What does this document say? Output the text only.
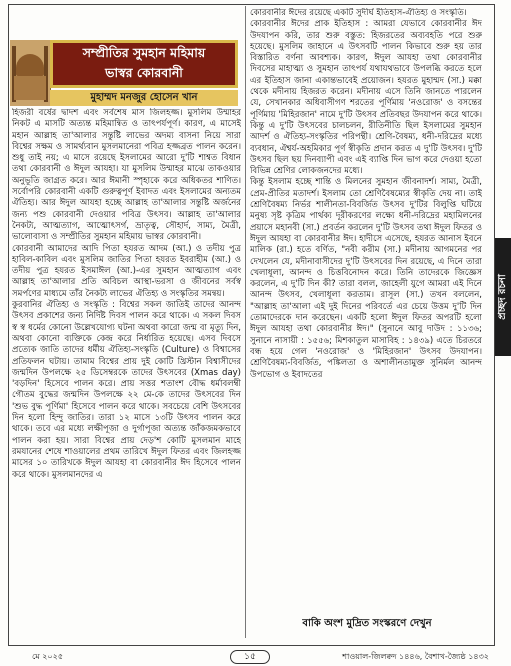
সম্প্রীতির সুমহান মহিমায়
ভাস্বর কোরবানী
মুহাম্মদ মনজুর হোসেন খান

হিজরী বর্ষের দ্বাদশ এবং সর্বশেষ মাস জিলহজ্জ। মুসলিম উম্মাহর নিকট এ মাসটি অত্যন্ত মহিমান্বিত ও তাৎপর্যপূর্ণ। কারণ, এ মাসেই মহান আল্লাহ তা'আলার সন্তুষ্টি লাভের অদম্য বাসনা নিয়ে সারা বিশ্বের সক্ষম ও সামর্থ্যবান মুসলমানেরা পবিত্র হজ্জব্রত পালন করেন। শুধু তাই নয়; এ মাসে রয়েছে ইসলামের আরো দু'টি শাশ্বত বিধান তথা কোরবানী ও ঈদুল আযহা। যা মুসলিম উম্মাহর মাঝে তাকওয়ার অনুভূতি জাগ্রত করে। আর ঈমানী স্পৃহাকে করে অধিকতর শাণিত। সর্বোপরি কোরবানী একটি গুরুত্বপূর্ণ ইবাদত এবং ইসলামের অন্যতম ঐতিহ্য। আর ঈদুল আযহা হচ্ছে আল্লাহ তা'আলার সন্তুষ্টি অর্জনের জন্য পশু কোরবানী দেওয়ার পবিত্র উৎসব। আল্লাহ তা'আলার নৈকট্য, আত্মত্যাগ, আত্মোৎসর্গ, ভ্রাতৃত্ব, সৌহার্দ, সাম্য, মৈত্রী, ভালোবাসা ও সম্প্রীতির সুমহান মহিমায় ভাস্বর কোরবানী।

কোরবানী আমাদের আদি পিতা হযরত আদম (আ.) ও তদীয় পুত্র হাবিল-কাবিল এবং মুসলিম জাতির পিতা হযরত ইবরাহীম (আ.) ও তদীয় পুত্র হযরত ইসমাঈল (আ.)-এর সুমহান আত্মত্যাগ এবং আল্লাহ তা'আলার প্রতি অবিচল আস্থা-ভরসা ও জীবনের সর্বস্ব সমর্পণের মাধ্যমে তাঁর নৈকট্য লাভের ঐতিহ্য ও সংস্কৃতির সমন্বয়।

কুরবানির ঐতিহ্য ও সংস্কৃতি : বিশ্বের সকল জাতিই তাদের আনন্দ উৎসব প্রকাশের জন্য নির্দিষ্ট দিবস পালন করে থাকে। এ সকল দিবস স্ব স্ব ধর্মের কোনো উল্লেখযোগ্য ঘটনা অথবা কারো জন্ম বা মৃত্যু দিন, অথবা কোনো ব্যক্তিকে কেন্দ্র করে নির্ধারিত হয়েছে। এসব দিবসে প্রত্যেক জাতি তাদের ধর্মীয় ঐতিহ্য-সংস্কৃতি (Culture) ও বিশ্বাসের প্রতিফলন ঘটায়। তামাম বিশ্বের প্রায় দুই কোটি খ্রিস্টান বিশ্বাসীদের জন্মদিন উপলক্ষে ২৫ ডিসেম্বরকে তাদের উৎসবের (Xmas day) 'বড়দিন' হিসেবে পালন করে। প্রায় সত্তর শতাংশ বৌদ্ধ ধর্মাবলম্বী গৌতম বুদ্ধের জন্মদিন উপলক্ষে ২২ মে-কে তাদের উৎসবের দিন 'শুভ বুদ্ধ পূর্ণিমা' হিসেবে পালন করে থাকে। সবচেয়ে বেশি উৎসবের দিন হলো হিন্দু জাতির। তারা ১২ মাসে ১৩টি উৎসব পালন করে থাকে। তবে এর মধ্যে লক্ষীপূজা ও দুর্গাপূজা অত্যন্ত জাঁকজমকভাবে পালন করা হয়। সারা বিশ্বের প্রায় দেড়'শ কোটি মুসলমান মাহে রমযানের শেষে শাওয়ালের প্রথম তারিখে ঈদুল ফিতর এবং জিলহজ্জ মাসের ১০ তারিখকে ঈদুল আযহা বা কোরবানীর ঈদ হিসেবে পালন করে থাকে। মুসলমানদের এ

কোরবানীর ঈদের রয়েছে একটি সুদীর্ঘ ইতিহাস-ঐতিহ্য ও সংস্কৃতি।

কোরবানীর ঈদের প্রাক ইতিহাস : আমরা যেভাবে কোরবানীর ঈদ উদযাপন করি, তার শুরু বস্তুত: হিজরতের অব্যবহতি পরে শুরু হয়েছে। মুসলিম জাহানে এ উৎসবটি পালন কিভাবে শুরু হয় তার বিস্তারিত বর্ণনা আবশ্যক। কারণ, ঈদুল আযহা তথা কোরবানীর দিবসের মাহাত্ম্য ও সুমহান তাৎপর্য যথাযথভাবে উপলব্ধি করতে হলে এর ইতিহাস জানা একান্তভাবেই প্রয়োজন। হযরত মুহাম্মদ (সা.) মক্কা থেকে মদীনায় হিজরত করেন। মদীনায় এসে তিনি জানতে পারলেন যে, সেখানকার অধিবাসীগণ শরতের পূর্ণিমায় 'নওরোজ' ও বসন্তের পূর্ণিমায় 'মিহিরজান' নামে দু'টি উৎসব প্রতিবছর উদযাপন করে থাকে। কিন্তু এ দু'টি উৎসবের চালচলন, রীতিনীতি ছিল ইসলামের সুমহান আদর্শ ও ঐতিহ্য-সংস্কৃতির পরিপন্থী। শ্রেণি-বৈষম্য, ধনী-দরিদ্রের মধ্যে ব্যবধান, ঐশ্বর্য-অহমিকার পূর্ণ স্বীকৃতি প্রদান করত এ দু'টি উৎসব। দু'টি উৎসব ছিল ছয় দিনব্যাপী এবং এই ব্যাপ্তি দিন ভাগ করে দেওয়া হতো বিভিন্ন শ্রেণির লোকজনদের মধ্যে।

কিন্তু ইসলাম হচ্ছে শান্তি ও মিলনের সুমহান জীবনাদর্শ। সাম্য, মৈত্রী, প্রেম-প্রীতির মতাদর্শ। ইসলাম তো শ্রেণিবৈষম্যের স্বীকৃতি দেয় না। তাই শ্রেণিবৈষম্য নির্ভর শালীনতা-বিবর্জিত উৎসব দু'টির বিলুপ্তি ঘটিয়ে মনুষ্য সৃষ্ট কৃত্রিম পার্থক্য দূরীকরণের লক্ষ্যে ধনী-দরিদ্রের মহামিলনের প্রয়াসে মহানবী (সা.) প্রবর্তন করলেন দু'টি উৎসব তথা ঈদুল ফিতর ও ঈদুল আযহা বা কোরবানীর ঈদ। হাদীসে এসেছে, হযরত আনাস ইবনে মালিক (রা.) হতে বর্ণিত, "নবী করীম (সা.) মদীনায় আগমনের পর দেখলেন যে, মদীনাবাসীদের দু'টি উৎসবের দিন রয়েছে, এ দিনে তারা খেলাধূলা, আনন্দ ও চিত্তবিনোদন করে। তিনি তাদেরকে জিজ্ঞেস করলেন, এ দু'টি দিন কী? তারা বলল, জাহেলী যুগে আমরা এই দিনে আনন্দ উৎসব, খেলাধূলা করতাম। রাসূল (সা.) তখন বললেন, "আল্লাহ তা'আলা এই দুই দিনের পরিবর্তে এর চেয়ে উত্তম দু'টি দিন তোমাদেরকে দান করেছেন। একটি হলো ঈদুল ফিতর অপরটি হলো ঈদুল আযহা তথা কোরবানীর ঈদ।" (সুনানে আবু দাউদ : ১১৩৬; সুনানে নাসায়ী : ১৫৫৬; মিশকাতুল মাসাবিহ : ১৪৩৯) এতে চিরতরে বন্ধ হয়ে গেল 'নওরোজ' ও 'মিহিরজান' উৎসব উদযাপন। শ্রেণিবৈষম্য-বিবর্জিত, পঙ্কিলতা ও অশালীনতামুক্ত সুনির্মল আনন্দ উপভোগ ও ইবাদতের

বাকি অংশ মুদ্রিত সংস্করণে দেখুন
প্রচ্ছদ রচনা
মে ২০২৫	১৫	শাওয়াল-জিলক্বদ ১৪৪৬, বৈশাখ-জ্যৈষ্ঠ ১৪৩২
